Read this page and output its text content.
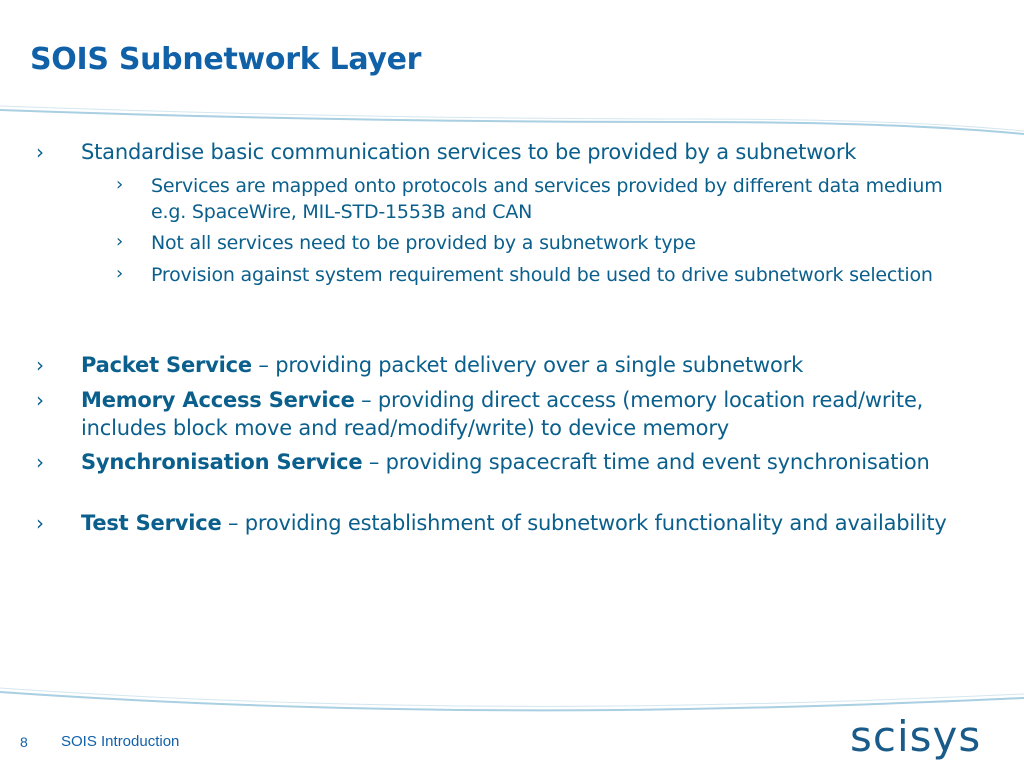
SOIS Subnetwork Layer
› Standardise basic communication services to be provided by a subnetwork
› Services are mapped onto protocols and services provided by different data medium e.g. SpaceWire, MIL-STD-1553B and CAN
› Not all services need to be provided by a subnetwork type
› Provision against system requirement should be used to drive subnetwork selection
› Packet Service – providing packet delivery over a single subnetwork
› Memory Access Service – providing direct access (memory location read/write, includes block move and read/modify/write) to device memory
› Synchronisation Service – providing spacecraft time and event synchronisation
› Test Service – providing establishment of subnetwork functionality and availability
8 SOIS Introduction	scisys
